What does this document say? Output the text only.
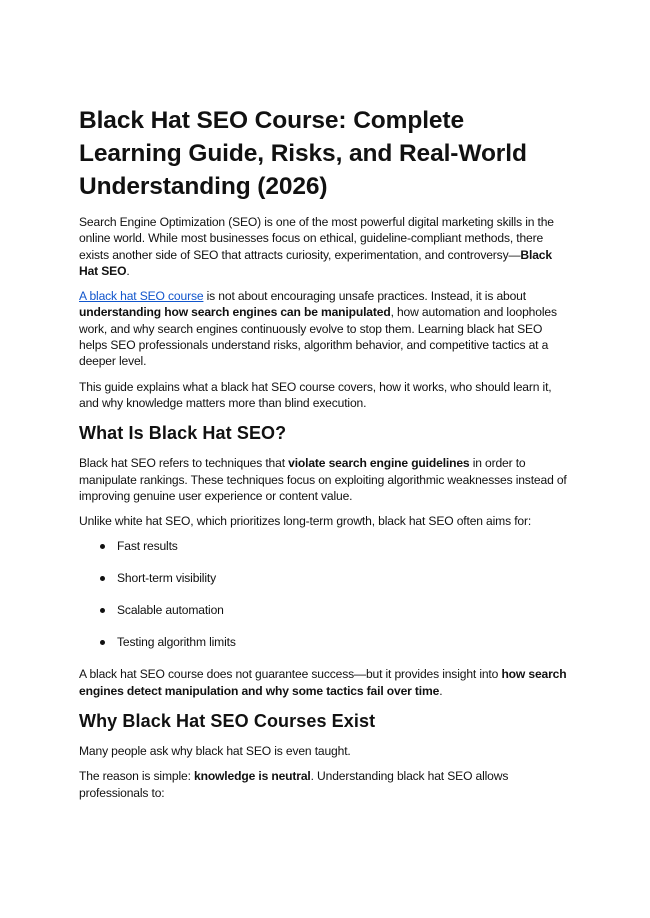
Black Hat SEO Course: Complete Learning Guide, Risks, and Real-World Understanding (2026)

Search Engine Optimization (SEO) is one of the most powerful digital marketing skills in the online world. While most businesses focus on ethical, guideline-compliant methods, there exists another side of SEO that attracts curiosity, experimentation, and controversy—Black Hat SEO.

A black hat SEO course is not about encouraging unsafe practices. Instead, it is about understanding how search engines can be manipulated, how automation and loopholes work, and why search engines continuously evolve to stop them. Learning black hat SEO helps SEO professionals understand risks, algorithm behavior, and competitive tactics at a deeper level.

This guide explains what a black hat SEO course covers, how it works, who should learn it, and why knowledge matters more than blind execution.

What Is Black Hat SEO?

Black hat SEO refers to techniques that violate search engine guidelines in order to manipulate rankings. These techniques focus on exploiting algorithmic weaknesses instead of improving genuine user experience or content value.

Unlike white hat SEO, which prioritizes long-term growth, black hat SEO often aims for:

Fast results
Short-term visibility
Scalable automation
Testing algorithm limits

A black hat SEO course does not guarantee success—but it provides insight into how search engines detect manipulation and why some tactics fail over time.

Why Black Hat SEO Courses Exist

Many people ask why black hat SEO is even taught.

The reason is simple: knowledge is neutral. Understanding black hat SEO allows professionals to:
